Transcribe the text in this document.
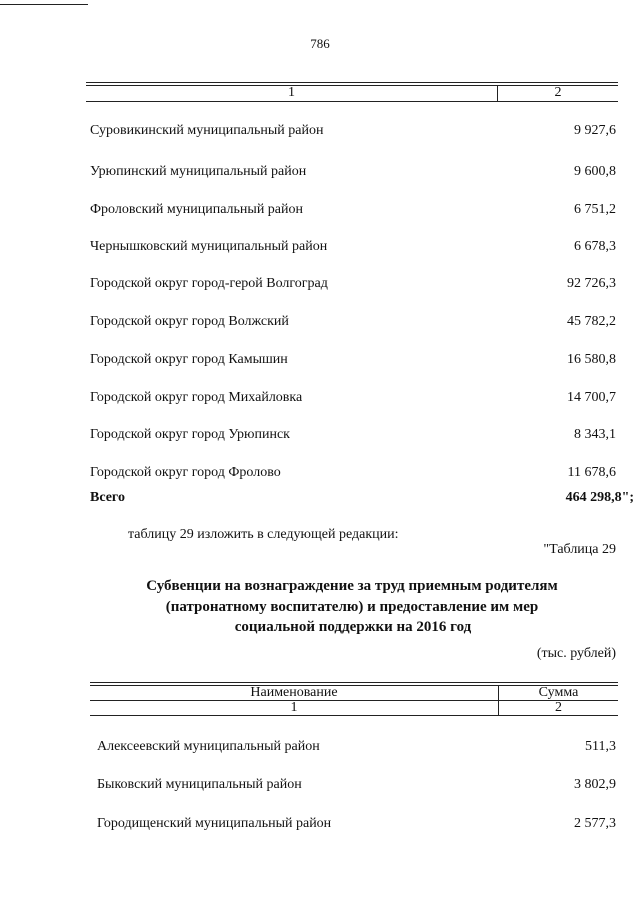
786
1	2
Суровикинский муниципальный район	9 927,6
Урюпинский муниципальный район	9 600,8
Фроловский муниципальный район	6 751,2
Чернышковский муниципальный район	6 678,3
Городской округ город-герой Волгоград	92 726,3
Городской округ город Волжский	45 782,2
Городской округ город Камышин	16 580,8
Городской округ город Михайловка	14 700,7
Городской округ город Урюпинск	8 343,1
Городской округ город Фролово	11 678,6
Всего	464 298,8";
таблицу 29 изложить в следующей редакции:
"Таблица 29
Субвенции на вознаграждение за труд приемным родителям
(патронатному воспитателю) и предоставление им мер
социальной поддержки на 2016 год
(тыс. рублей)
Наименование	Сумма
1	2
Алексеевский муниципальный район	511,3
Быковский муниципальный район	3 802,9
Городищенский муниципальный район	2 577,3
